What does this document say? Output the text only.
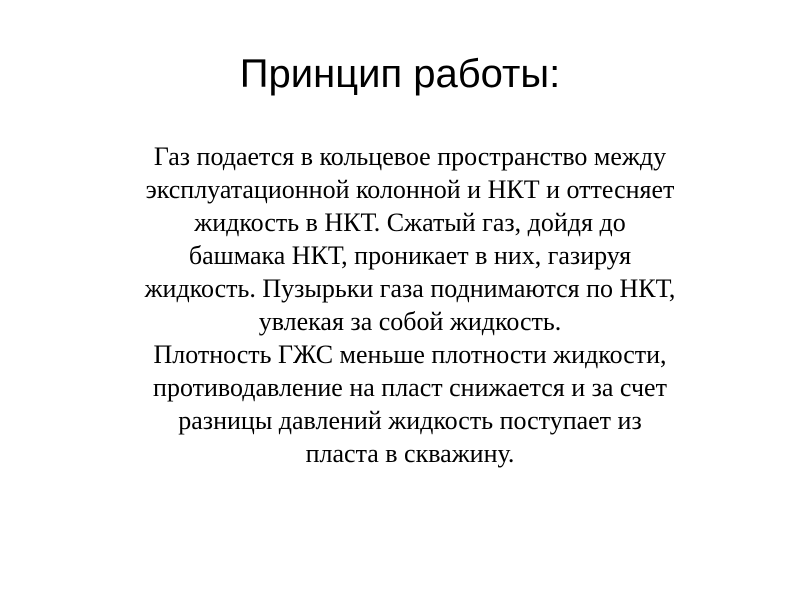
Принцип работы:
Газ подается в кольцевое пространство между
эксплуатационной колонной и НКТ и оттесняет
жидкость в НКТ. Сжатый газ, дойдя до
башмака НКТ, проникает в них, газируя
жидкость. Пузырьки газа поднимаются по НКТ,
увлекая за собой жидкость.
Плотность ГЖС меньше плотности жидкости,
противодавление на пласт снижается и за счет
разницы давлений жидкость поступает из
пласта в скважину.
